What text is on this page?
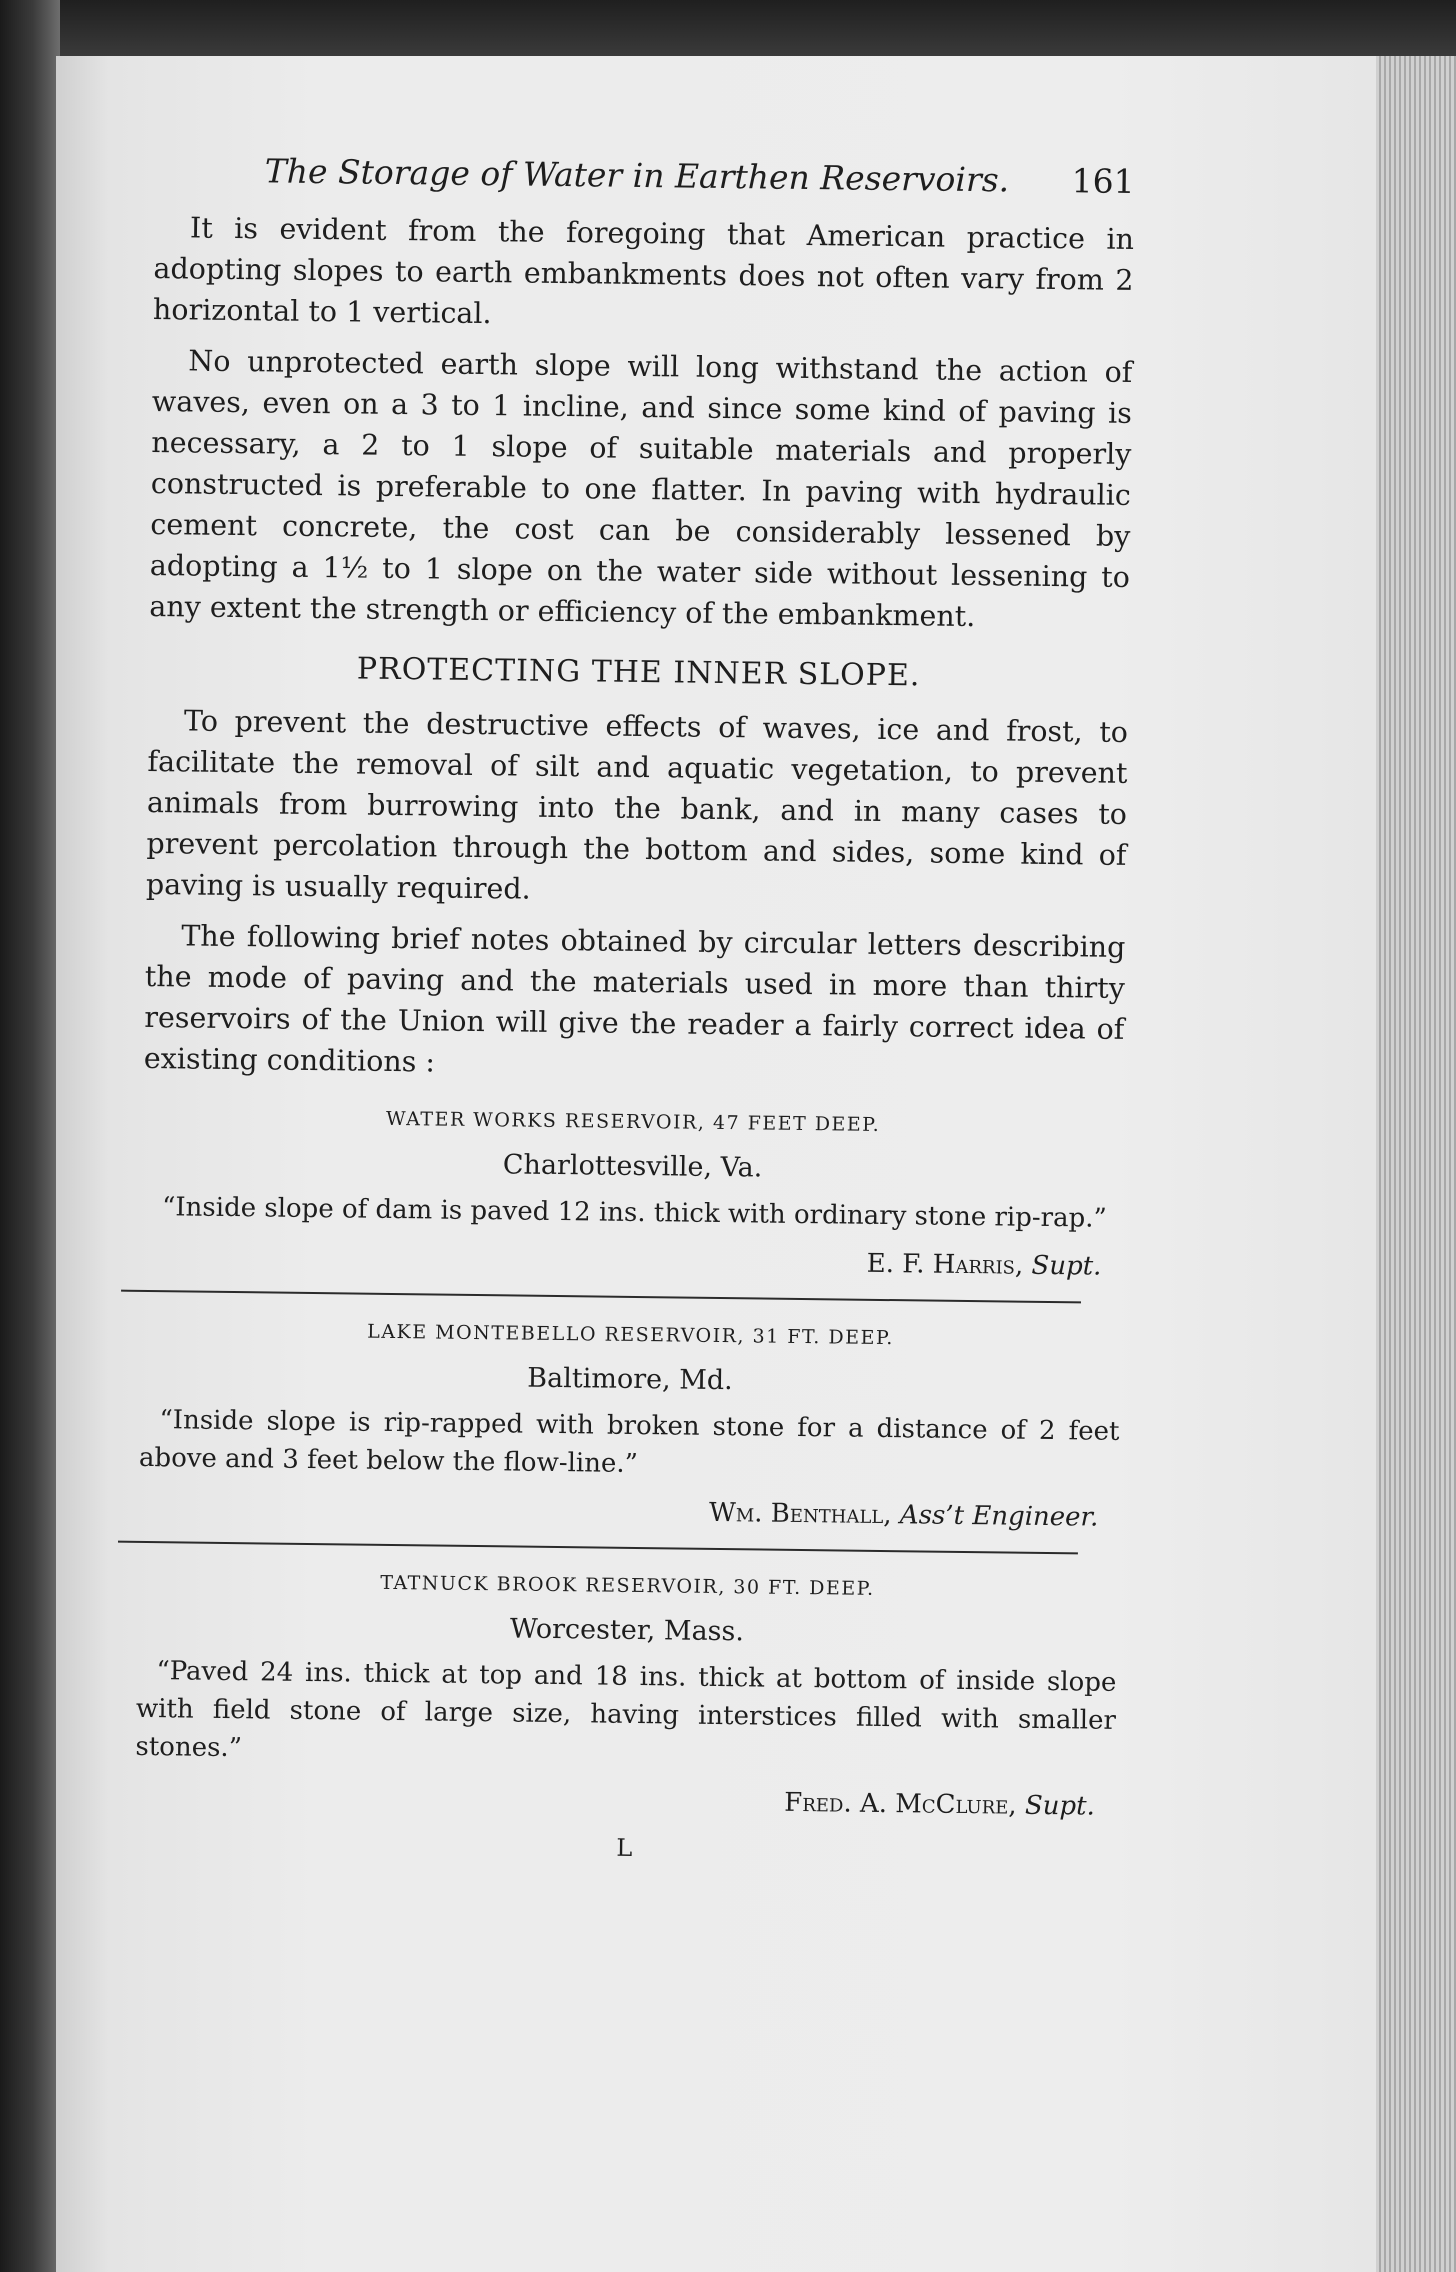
The Storage of Water in Earthen Reservoirs. 161

It is evident from the foregoing that American practice in adopting slopes to earth embankments does not often vary from 2 horizontal to 1 vertical.

No unprotected earth slope will long withstand the action of waves, even on a 3 to 1 incline, and since some kind of paving is necessary, a 2 to 1 slope of suitable materials and properly constructed is preferable to one flatter. In paving with hydraulic cement concrete, the cost can be considerably lessened by adopting a 1½ to 1 slope on the water side without lessening to any extent the strength or efficiency of the embankment.

PROTECTING THE INNER SLOPE.

To prevent the destructive effects of waves, ice and frost, to facilitate the removal of silt and aquatic vegetation, to prevent animals from burrowing into the bank, and in many cases to prevent percolation through the bottom and sides, some kind of paving is usually required.

The following brief notes obtained by circular letters describing the mode of paving and the materials used in more than thirty reservoirs of the Union will give the reader a fairly correct idea of existing conditions :

WATER WORKS RESERVOIR, 47 FEET DEEP.
Charlottesville, Va.

“Inside slope of dam is paved 12 ins. thick with ordinary stone rip-rap.”

E. F. Harris, Supt.
LAKE MONTEBELLO RESERVOIR, 31 FT. DEEP.
Baltimore, Md.

“Inside slope is rip-rapped with broken stone for a distance of 2 feet above and 3 feet below the flow-line.”

Wm. Benthall, Ass’t Engineer.
TATNUCK BROOK RESERVOIR, 30 FT. DEEP.
Worcester, Mass.

“Paved 24 ins. thick at top and 18 ins. thick at bottom of inside slope with field stone of large size, having interstices filled with smaller stones.”

Fred. A. McClure, Supt.
L
